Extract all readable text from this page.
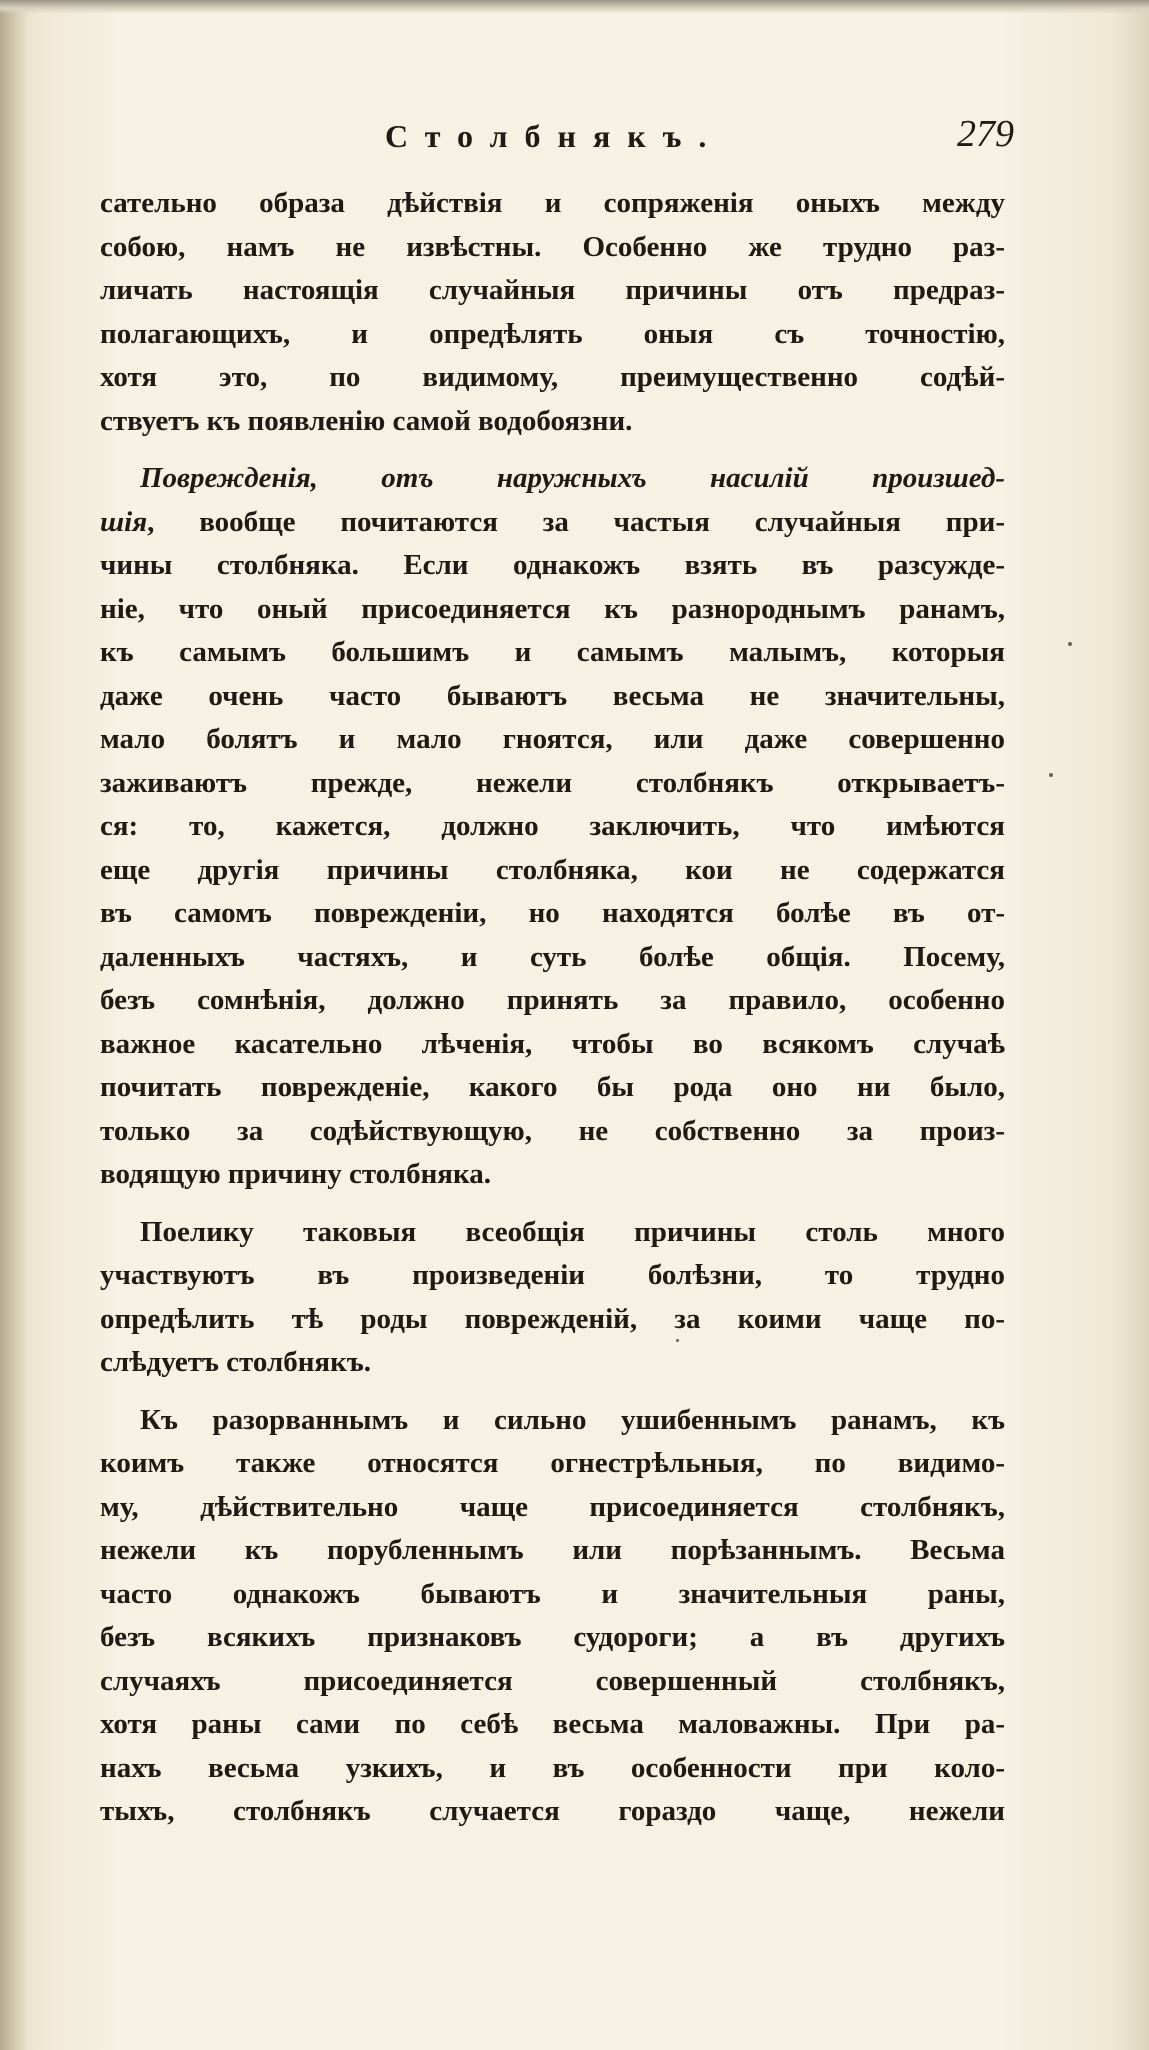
Столбнякъ.	279
сательно образа дѣйствія и сопряженія оныхъ между
собою, намъ не извѣстны. Особенно же трудно раз-
личать настоящія случайныя причины отъ предраз-
полагающихъ, и опредѣлять оныя съ точностію,
хотя это, по видимому, преимущественно содѣй-
ствуетъ къ появленію самой водобоязни.
Поврежденія, отъ наружныхъ насилій произшед-
шія, вообще почитаются за частыя случайныя при-
чины столбняка. Если однакожъ взять въ разсужде-
ніе, что оный присоединяется къ разнороднымъ ранамъ,
къ самымъ большимъ и самымъ малымъ, которыя
даже очень часто бываютъ весьма не значительны,
мало болятъ и мало гноятся, или даже совершенно
заживаютъ прежде, нежели столбнякъ открываетъ-
ся: то, кажется, должно заключить, что имѣются
еще другія причины столбняка, кои не содержатся
въ самомъ поврежденіи, но находятся болѣе въ от-
даленныхъ частяхъ, и суть болѣе общія. Посему,
безъ сомнѣнія, должно принять за правило, особенно
важное касательно лѣченія, чтобы во всякомъ случаѣ
почитать поврежденіе, какого бы рода оно ни было,
только за содѣйствующую, не собственно за произ-
водящую причину столбняка.
Поелику таковыя всеобщія причины столь много
участвуютъ въ произведеніи болѣзни, то трудно
опредѣлить тѣ роды поврежденій, за коими чаще по-
слѣдуетъ столбнякъ.
Къ разорваннымъ и сильно ушибеннымъ ранамъ, къ
коимъ также относятся огнестрѣльныя, по видимо-
му, дѣйствительно чаще присоединяется столбнякъ,
нежели къ порубленнымъ или порѣзаннымъ. Весьма
часто однакожъ бываютъ и значительныя раны,
безъ всякихъ признаковъ судороги; а въ другихъ
случаяхъ присоединяется совершенный столбнякъ,
хотя раны сами по себѣ весьма маловажны. При ра-
нахъ весьма узкихъ, и въ особенности при коло-
тыхъ, столбнякъ случается гораздо чаще, нежели
